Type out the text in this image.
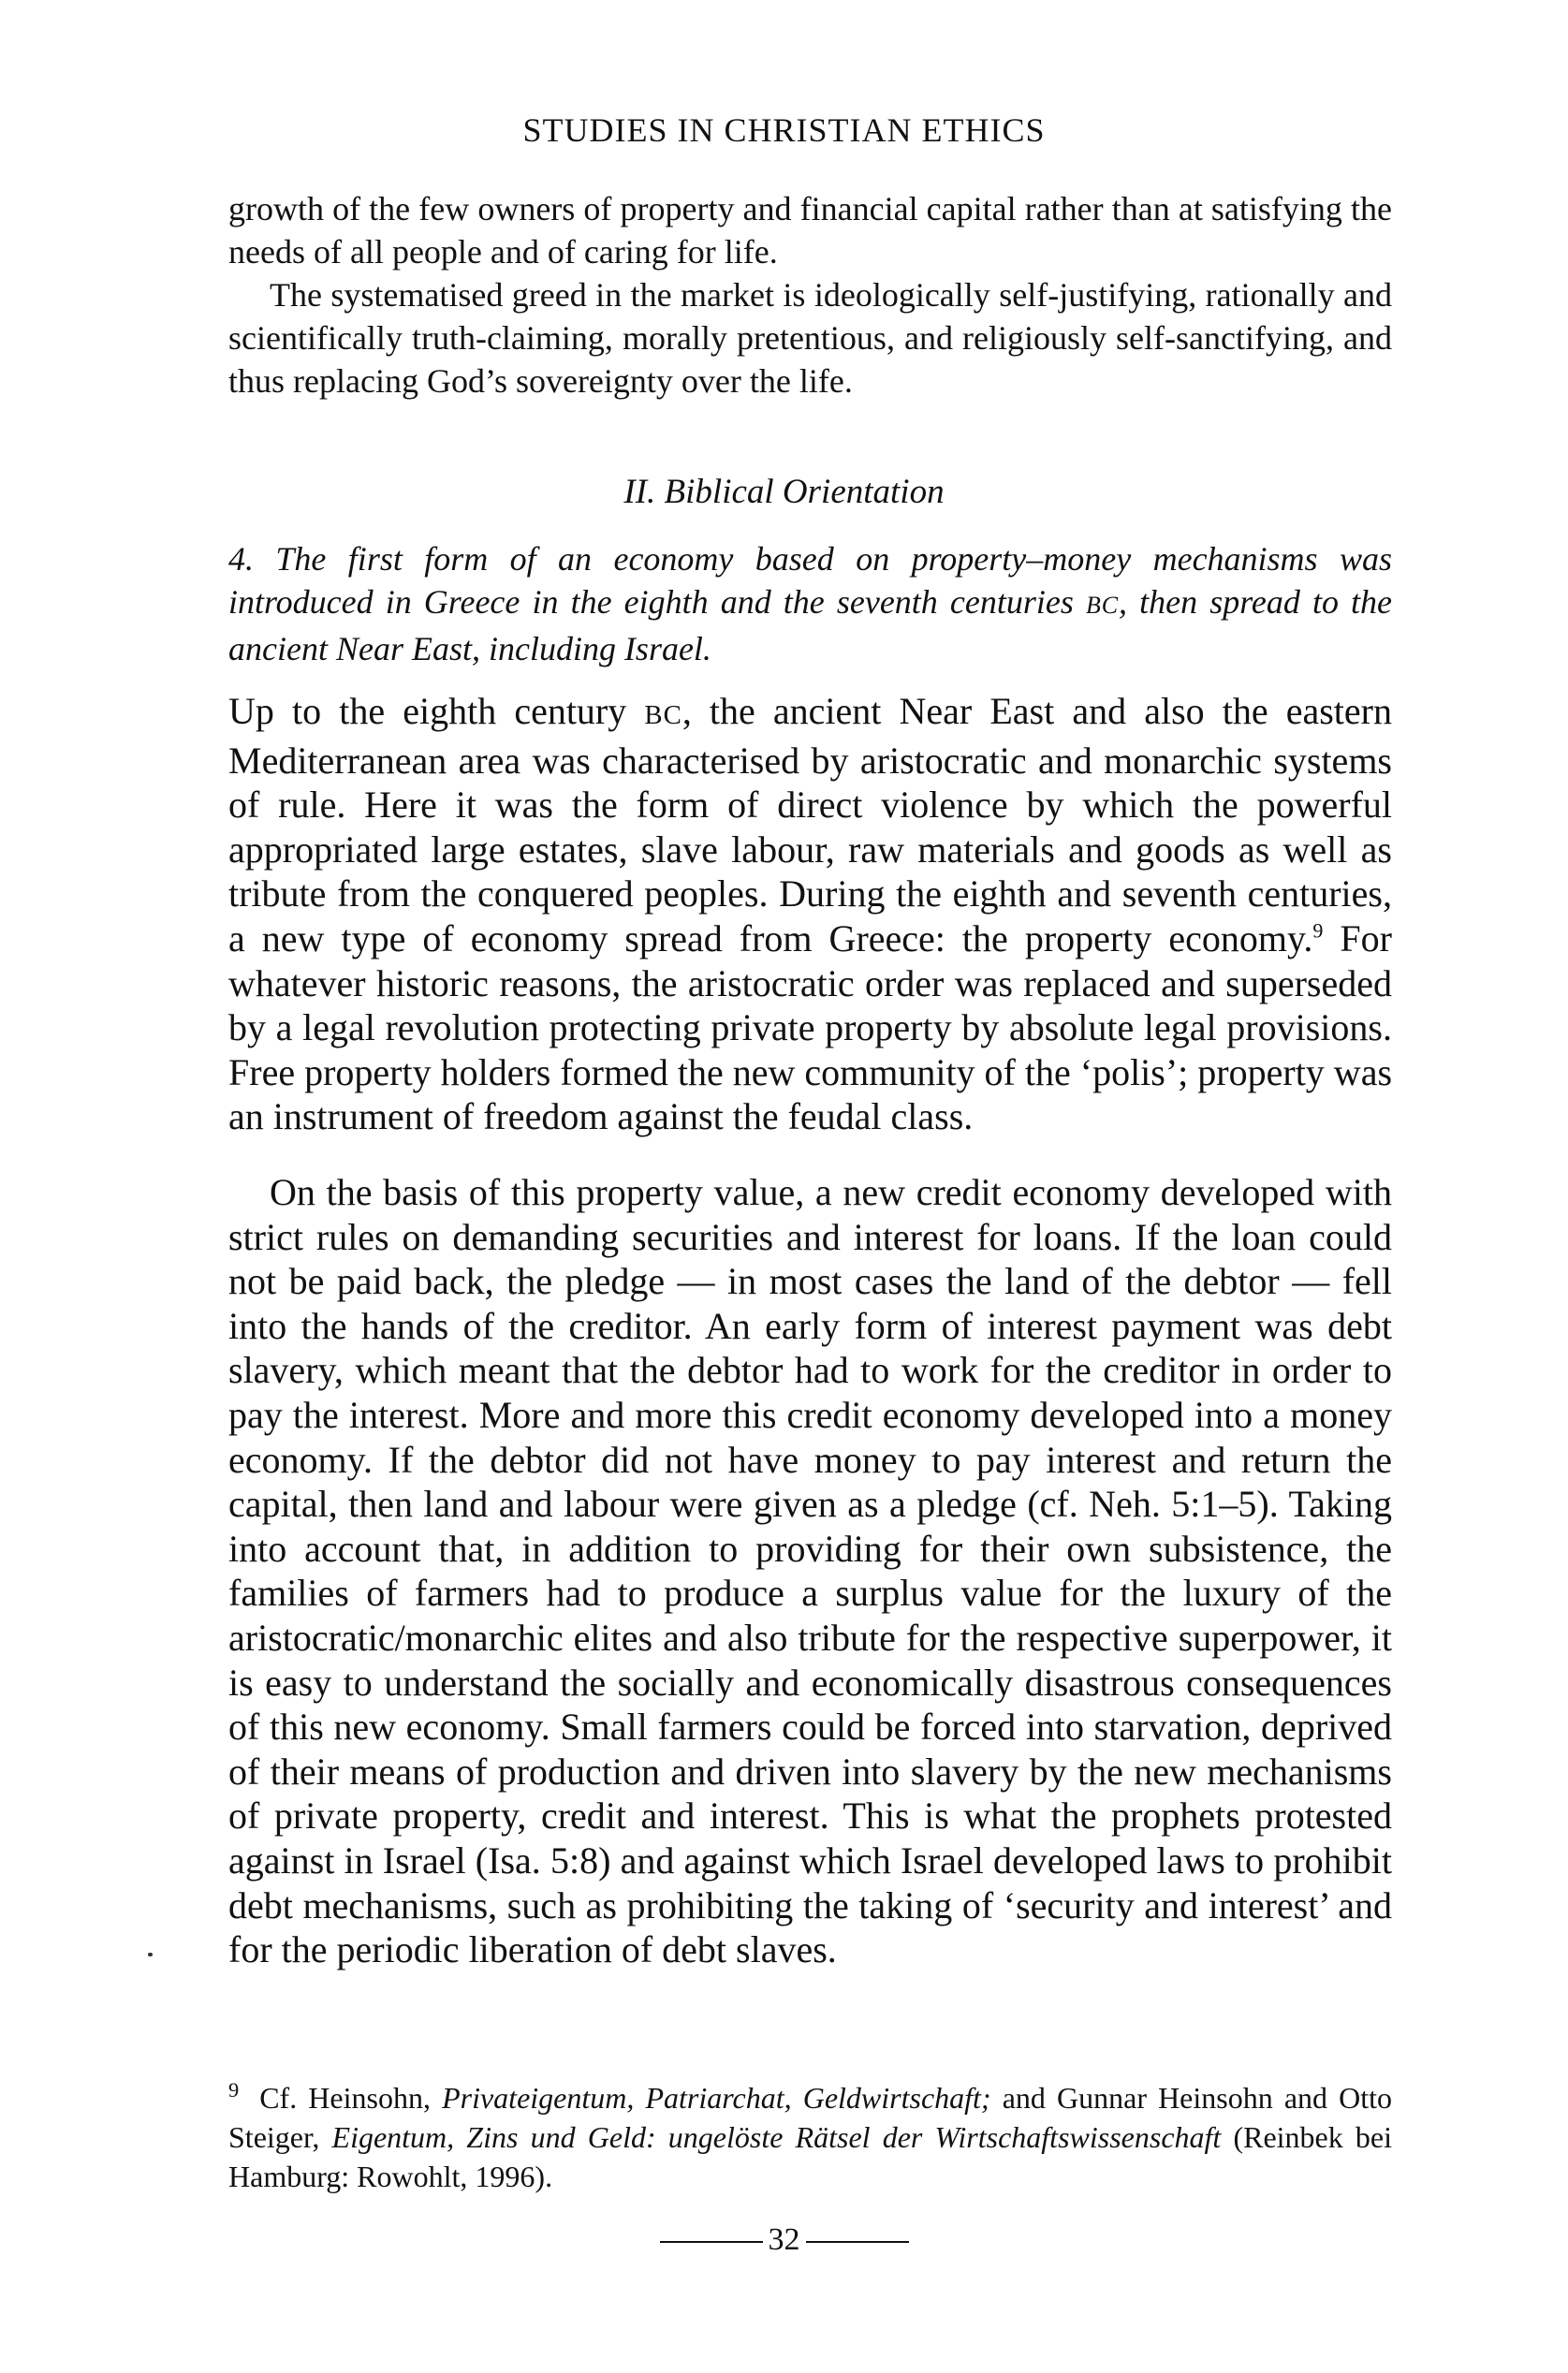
STUDIES IN CHRISTIAN ETHICS

growth of the few owners of property and financial capital rather than at satisfying the needs of all people and of caring for life.

The systematised greed in the market is ideologically self-justifying, rationally and scientifically truth-claiming, morally pretentious, and religiously self-sanctifying, and thus replacing God’s sovereignty over the life.

II. Biblical Orientation

4. The first form of an economy based on property–money mechanisms was introduced in Greece in the eighth and the seventh centuries BC, then spread to the ancient Near East, including Israel.

Up to the eighth century BC, the ancient Near East and also the eastern Mediterranean area was characterised by aristocratic and monarchic systems of rule. Here it was the form of direct violence by which the powerful appropriated large estates, slave labour, raw materials and goods as well as tribute from the conquered peoples. During the eighth and seventh centuries, a new type of economy spread from Greece: the property economy.$^9$ For whatever historic reasons, the aristocratic order was replaced and superseded by a legal revolution protecting private property by absolute legal provisions. Free property holders formed the new community of the ‘polis’; property was an instrument of freedom against the feudal class.

On the basis of this property value, a new credit economy developed with strict rules on demanding securities and interest for loans. If the loan could not be paid back, the pledge — in most cases the land of the debtor — fell into the hands of the creditor. An early form of interest payment was debt slavery, which meant that the debtor had to work for the creditor in order to pay the interest. More and more this credit economy developed into a money economy. If the debtor did not have money to pay interest and return the capital, then land and labour were given as a pledge (cf. Neh. 5:1–5). Taking into account that, in addition to providing for their own subsistence, the families of farmers had to produce a surplus value for the luxury of the aristocratic/monarchic elites and also tribute for the respective superpower, it is easy to understand the socially and economically disastrous consequences of this new economy. Small farmers could be forced into starvation, deprived of their means of production and driven into slavery by the new mechanisms of private property, credit and interest. This is what the prophets protested against in Israel (Isa. 5:8) and against which Israel developed laws to prohibit debt mechanisms, such as prohibiting the taking of ‘security and interest’ and for the periodic liberation of debt slaves.

$^9$ Cf. Heinsohn, Privateigentum, Patriarchat, Geldwirtschaft; and Gunnar Heinsohn and Otto Steiger, Eigentum, Zins und Geld: ungelöste Rätsel der Wirtschaftswissenschaft (Reinbek bei Hamburg: Rowohlt, 1996).

32
